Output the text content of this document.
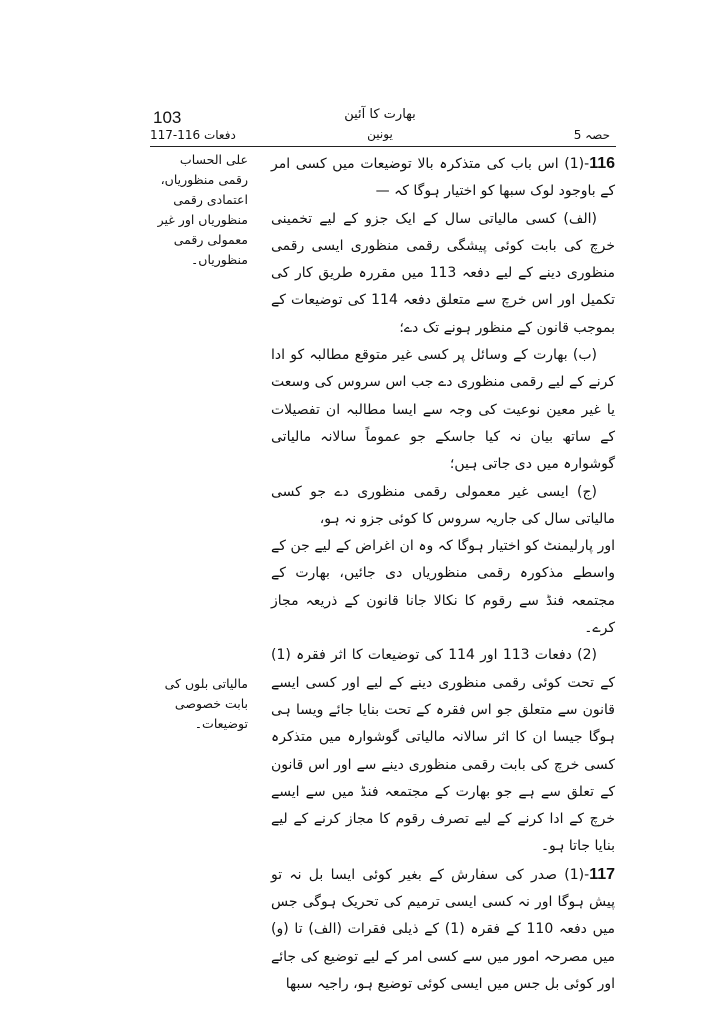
103	بھارت کا آئین
یونین	حصہ 5
دفعات 116-117
علی الحساب رقمی منظوریاں، اعتمادی رقمی منظوریاں اور غیر معمولی رقمی منظوریاں۔
مالیاتی بلوں کی بابت خصوصی توضیعات۔

116-(1) اس باب کی متذکرہ بالا توضیعات میں کسی امر کے باوجود لوک سبھا کو اختیار ہوگا کہ —

(الف) کسی مالیاتی سال کے ایک جزو کے لیے تخمینی خرچ کی بابت کوئی پیشگی رقمی منظوری ایسی رقمی منظوری دینے کے لیے دفعہ 113 میں مقررہ طریق کار کی تکمیل اور اس خرچ سے متعلق دفعہ 114 کی توضیعات کے بموجب قانون کے منظور ہونے تک دے؛

(ب) بھارت کے وسائل پر کسی غیر متوقع مطالبہ کو ادا کرنے کے لیے رقمی منظوری دے جب اس سروس کی وسعت یا غیر معین نوعیت کی وجہ سے ایسا مطالبہ ان تفصیلات کے ساتھ بیان نہ کیا جاسکے جو عموماً سالانہ مالیاتی گوشوارہ میں دی جاتی ہیں؛

(ج) ایسی غیر معمولی رقمی منظوری دے جو کسی مالیاتی سال کی جاریہ سروس کا کوئی جزو نہ ہو،

اور پارلیمنٹ کو اختیار ہوگا کہ وہ ان اغراض کے لیے جن کے واسطے مذکورہ رقمی منظوریاں دی جائیں، بھارت کے مجتمعہ فنڈ سے رقوم کا نکالا جانا قانون کے ذریعہ مجاز کرے۔

(2) دفعات 113 اور 114 کی توضیعات کا اثر فقرہ (1) کے تحت کوئی رقمی منظوری دینے کے لیے اور کسی ایسے قانون سے متعلق جو اس فقرہ کے تحت بنایا جائے ویسا ہی ہوگا جیسا ان کا اثر سالانہ مالیاتی گوشوارہ میں متذکرہ کسی خرچ کی بابت رقمی منظوری دینے سے اور اس قانون کے تعلق سے ہے جو بھارت کے مجتمعہ فنڈ میں سے ایسے خرچ کے ادا کرنے کے لیے تصرف رقوم کا مجاز کرنے کے لیے بنایا جاتا ہو۔

117-(1) صدر کی سفارش کے بغیر کوئی ایسا بل نہ تو پیش ہوگا اور نہ کسی ایسی ترمیم کی تحریک ہوگی جس میں دفعہ 110 کے فقرہ (1) کے ذیلی فقرات (الف) تا (و) میں مصرحہ امور میں سے کسی امر کے لیے توضیع کی جائے اور کوئی بل جس میں ایسی کوئی توضیع ہو، راجیہ سبھا
